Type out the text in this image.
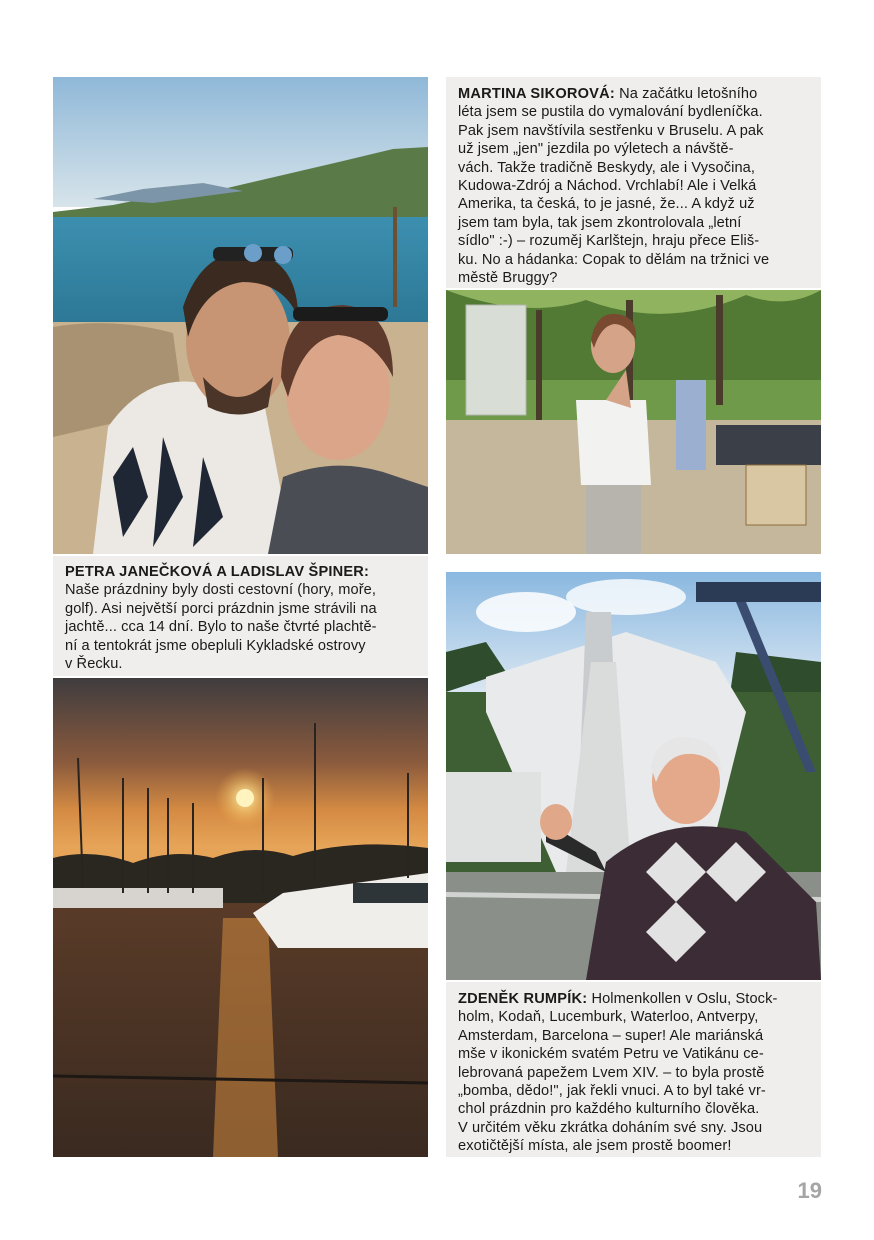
MARTINA SIKOROVÁ: Na začátku letošního

léta jsem se pustila do vymalování bydleníčka.

Pak jsem navštívila sestřenku v Bruselu. A pak

už jsem „jen" jezdila po výletech a návště-

vách. Takže tradičně Beskydy, ale i Vysočina,

Kudowa-Zdrój a Náchod. Vrchlabí! Ale i Velká

Amerika, ta česká, to je jasné, že... A když už

jsem tam byla, tak jsem zkontrolovala „letní

sídlo" :-) – rozuměj Karlštejn, hraju přece Eliš-

ku. No a hádanka: Copak to dělám na tržnici ve

městě Bruggy?

PETRA JANEČKOVÁ A LADISLAV ŠPINER:

Naše prázdniny byly dosti cestovní (hory, moře,

golf). Asi největší porci prázdnin jsme strávili na

jachtě... cca 14 dní. Bylo to naše čtvrté plachtě-

ní a tentokrát jsme obepluli Kykladské ostrovy

v Řecku.

ZDENĚK RUMPÍK: Holmenkollen v Oslu, Stock-

holm, Kodaň, Lucemburk, Waterloo, Antverpy,

Amsterdam, Barcelona – super! Ale mariánská

mše v ikonickém svatém Petru ve Vatikánu ce-

lebrovaná papežem Lvem XIV. – to byla prostě

„bomba, dědo!", jak řekli vnuci. A to byl také vr-

chol prázdnin pro každého kulturního člověka.

V určitém věku zkrátka doháním své sny. Jsou

exotičtější místa, ale jsem prostě boomer!

19
